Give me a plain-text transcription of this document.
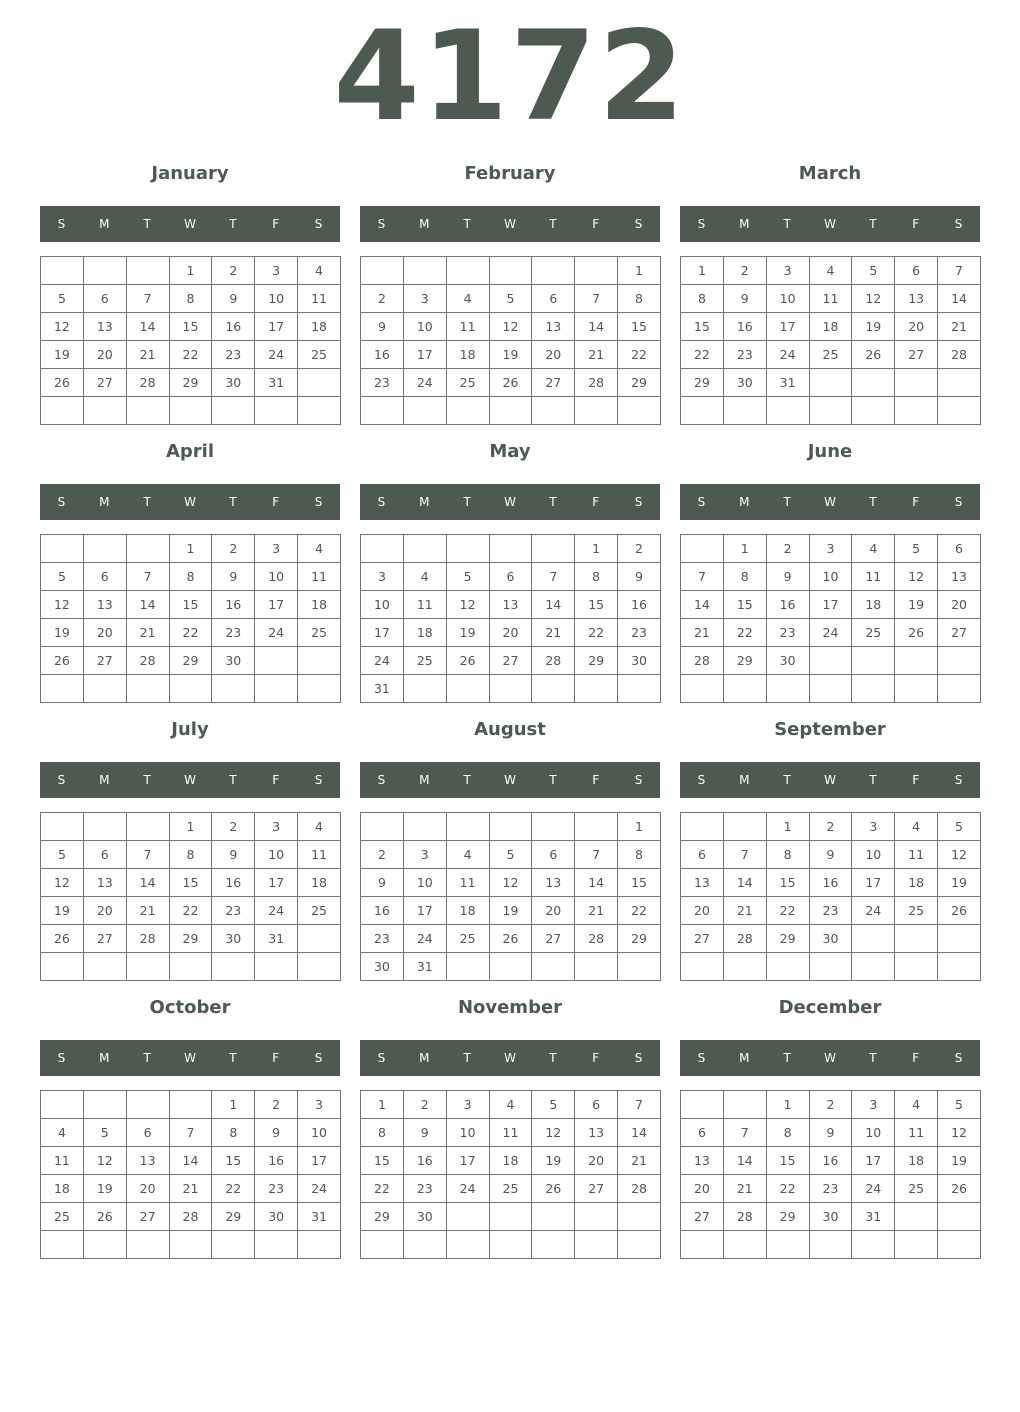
4172
January
S	M	T	W	T	F	S
			1	2	3	4
5	6	7	8	9	10	11
12	13	14	15	16	17	18
19	20	21	22	23	24	25
26	27	28	29	30	31	

February
S	M	T	W	T	F	S
						1
2	3	4	5	6	7	8
9	10	11	12	13	14	15
16	17	18	19	20	21	22
23	24	25	26	27	28	29

March
S	M	T	W	T	F	S
1	2	3	4	5	6	7
8	9	10	11	12	13	14
15	16	17	18	19	20	21
22	23	24	25	26	27	28
29	30	31				

April
S	M	T	W	T	F	S
			1	2	3	4
5	6	7	8	9	10	11
12	13	14	15	16	17	18
19	20	21	22	23	24	25
26	27	28	29	30		

May
S	M	T	W	T	F	S
					1	2
3	4	5	6	7	8	9
10	11	12	13	14	15	16
17	18	19	20	21	22	23
24	25	26	27	28	29	30
31						
June
S	M	T	W	T	F	S
	1	2	3	4	5	6
7	8	9	10	11	12	13
14	15	16	17	18	19	20
21	22	23	24	25	26	27
28	29	30				

July
S	M	T	W	T	F	S
			1	2	3	4
5	6	7	8	9	10	11
12	13	14	15	16	17	18
19	20	21	22	23	24	25
26	27	28	29	30	31	

August
S	M	T	W	T	F	S
						1
2	3	4	5	6	7	8
9	10	11	12	13	14	15
16	17	18	19	20	21	22
23	24	25	26	27	28	29
30	31					
September
S	M	T	W	T	F	S
		1	2	3	4	5
6	7	8	9	10	11	12
13	14	15	16	17	18	19
20	21	22	23	24	25	26
27	28	29	30			

October
S	M	T	W	T	F	S
				1	2	3
4	5	6	7	8	9	10
11	12	13	14	15	16	17
18	19	20	21	22	23	24
25	26	27	28	29	30	31

November
S	M	T	W	T	F	S
1	2	3	4	5	6	7
8	9	10	11	12	13	14
15	16	17	18	19	20	21
22	23	24	25	26	27	28
29	30					

December
S	M	T	W	T	F	S
		1	2	3	4	5
6	7	8	9	10	11	12
13	14	15	16	17	18	19
20	21	22	23	24	25	26
27	28	29	30	31		
